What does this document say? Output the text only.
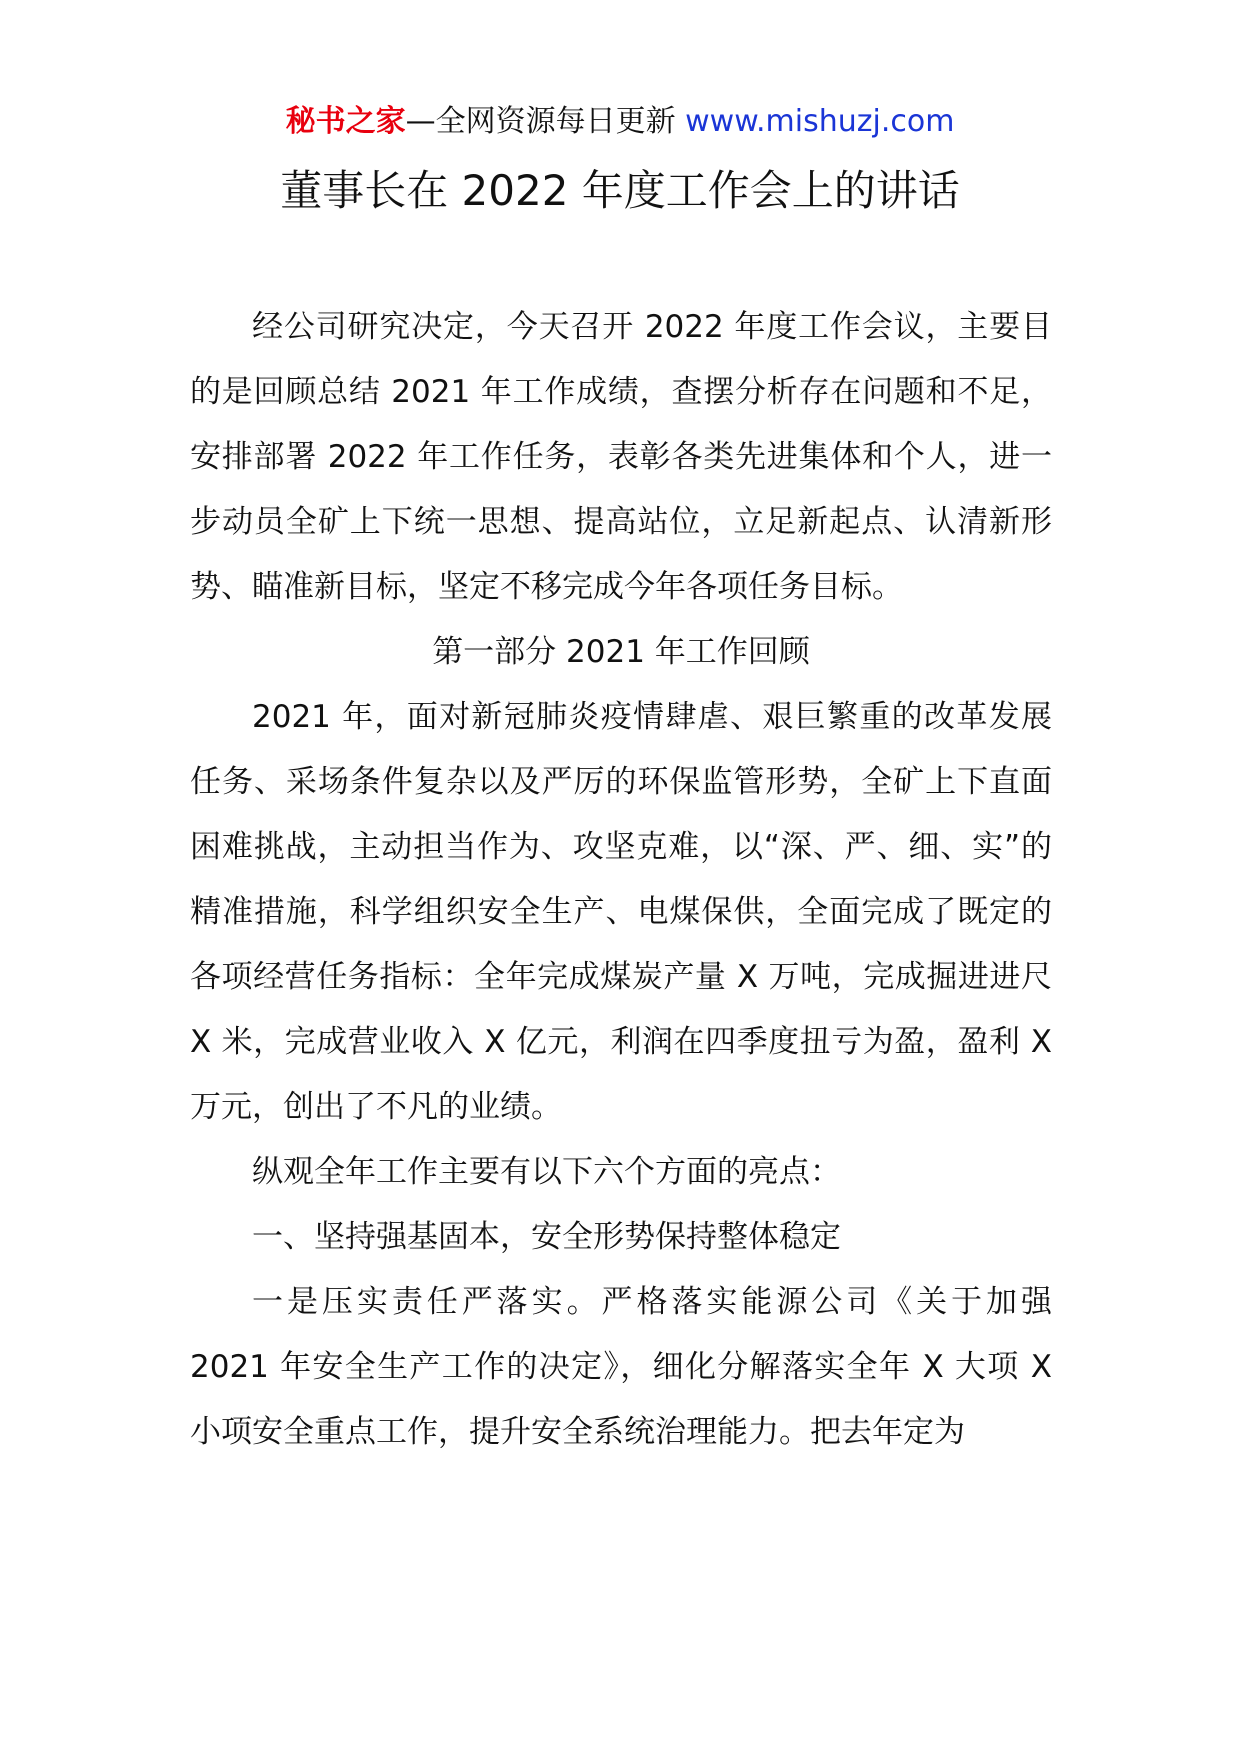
秘书之家—全网资源每日更新 www.mishuzj.com
董事长在 2022 年度工作会上的讲话

经公司研究决定，今天召开 2022 年度工作会议，主要目的是回顾总结 2021 年工作成绩，查摆分析存在问题和不足，安排部署 2022 年工作任务，表彰各类先进集体和个人，进一步动员全矿上下统一思想、提高站位，立足新起点、认清新形势、瞄准新目标，坚定不移完成今年各项任务目标。

第一部分 2021 年工作回顾

2021 年，面对新冠肺炎疫情肆虐、艰巨繁重的改革发展任务、采场条件复杂以及严厉的环保监管形势，全矿上下直面困难挑战，主动担当作为、攻坚克难，以“深、严、细、实”的精准措施，科学组织安全生产、电煤保供，全面完成了既定的各项经营任务指标：全年完成煤炭产量 X 万吨，完成掘进进尺 X 米，完成营业收入 X 亿元，利润在四季度扭亏为盈，盈利 X 万元，创出了不凡的业绩。

纵观全年工作主要有以下六个方面的亮点：

一、坚持强基固本，安全形势保持整体稳定

一是压实责任严落实。严格落实能源公司《关于加强 2021 年安全生产工作的决定》，细化分解落实全年 X 大项 X 小项安全重点工作，提升安全系统治理能力。把去年定为
